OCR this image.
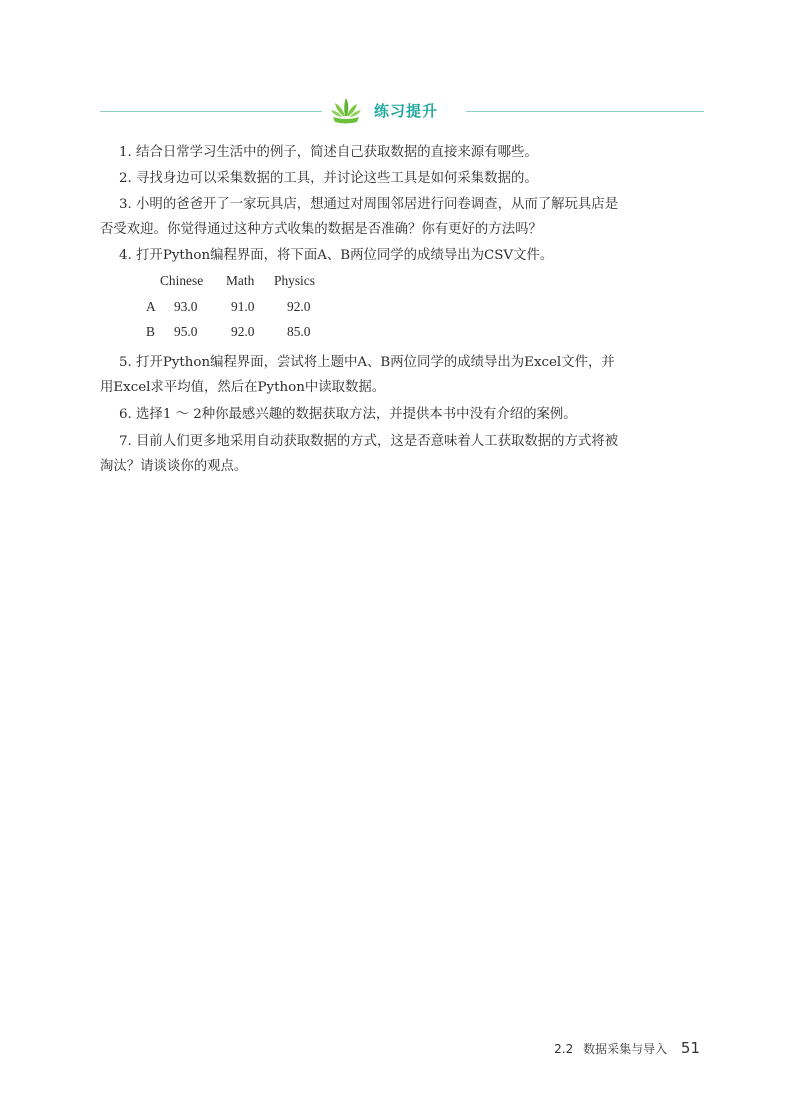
练习提升
1. 结合日常学习生活中的例子，简述自己获取数据的直接来源有哪些。
2. 寻找身边可以采集数据的工具，并讨论这些工具是如何采集数据的。
3. 小明的爸爸开了一家玩具店，想通过对周围邻居进行问卷调查，从而了解玩具店是
否受欢迎。你觉得通过这种方式收集的数据是否准确？你有更好的方法吗？
4. 打开Python编程界面，将下面A、B两位同学的成绩导出为CSV文件。
Chinese Math Physics
A 93.0	91.0 92.0
B 95.0	92.0 85.0
5. 打开Python编程界面，尝试将上题中A、B两位同学的成绩导出为Excel文件，并
用Excel求平均值，然后在Python中读取数据。
6. 选择1 ～ 2种你最感兴趣的数据获取方法，并提供本书中没有介绍的案例。
7. 目前人们更多地采用自动获取数据的方式，这是否意味着人工获取数据的方式将被
淘汰？请谈谈你的观点。
2.2 数据采集与导入 51
